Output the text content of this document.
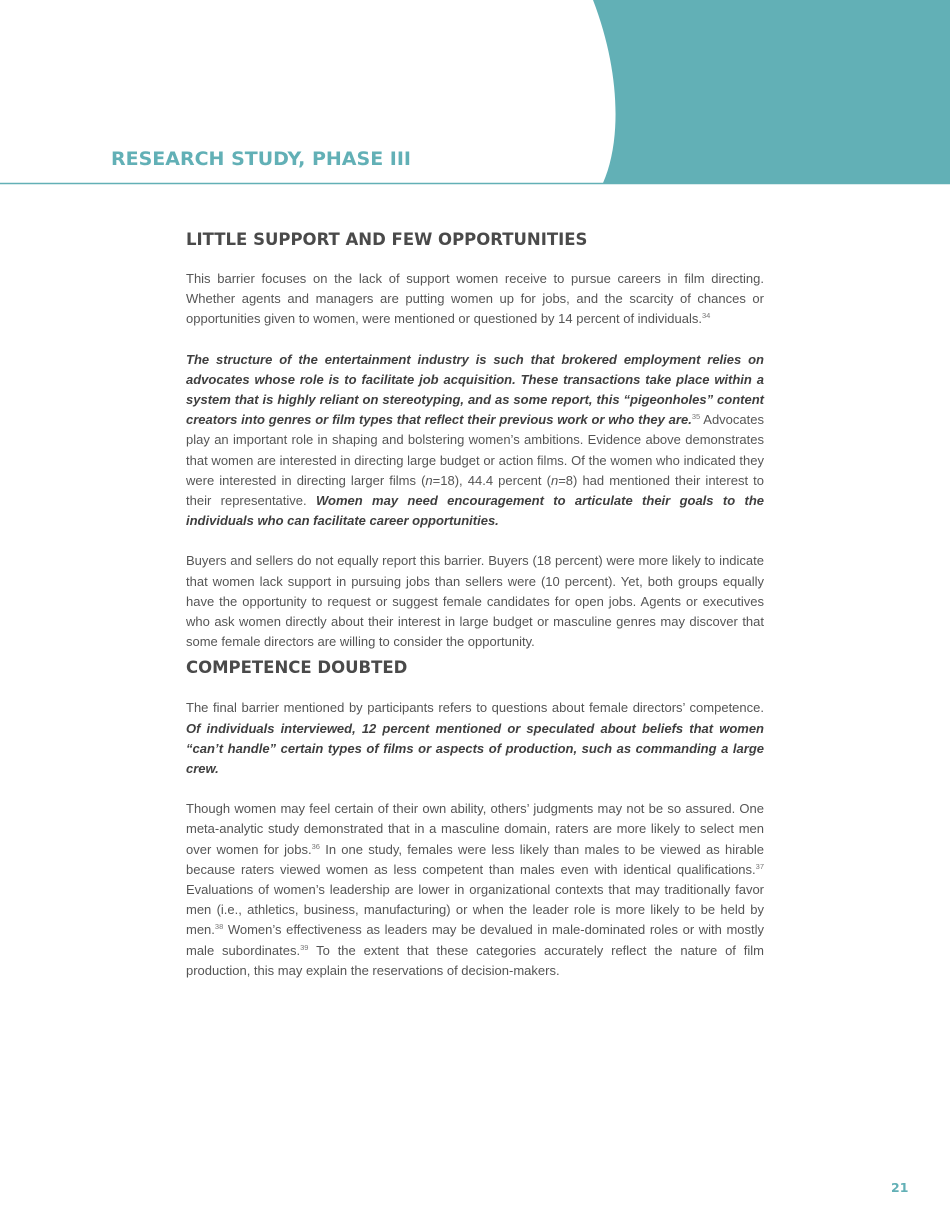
RESEARCH STUDY, PHASE III
LITTLE SUPPORT AND FEW OPPORTUNITIES

This barrier focuses on the lack of support women receive to pursue careers in film directing. Whether agents and managers are putting women up for jobs, and the scarcity of chances or opportunities given to women, were mentioned or questioned by 14 percent of individuals.$^{34}$

The structure of the entertainment industry is such that brokered employment relies on advocates whose role is to facilitate job acquisition. These transactions take place within a system that is highly reliant on stereotyping, and as some report, this “pigeonholes” content creators into genres or film types that reflect their previous work or who they are.$^{35}$ Advocates play an important role in shaping and bolstering women’s ambitions. Evidence above demonstrates that women are interested in directing large budget or action films. Of the women who indicated they were interested in directing larger films (n=18), 44.4 percent (n=8) had mentioned their interest to their representative. Women may need encouragement to articulate their goals to the individuals who can facilitate career opportunities.

Buyers and sellers do not equally report this barrier. Buyers (18 percent) were more likely to indicate that women lack support in pursuing jobs than sellers were (10 percent). Yet, both groups equally have the opportunity to request or suggest female candidates for open jobs. Agents or executives who ask women directly about their interest in large budget or masculine genres may discover that some female directors are willing to consider the opportunity.

COMPETENCE DOUBTED

The final barrier mentioned by participants refers to questions about female directors’ competence. Of individuals interviewed, 12 percent mentioned or speculated about beliefs that women “can’t handle” certain types of films or aspects of production, such as commanding a large crew.

Though women may feel certain of their own ability, others’ judgments may not be so assured. One meta-analytic study demonstrated that in a masculine domain, raters are more likely to select men over women for jobs.$^{36}$ In one study, females were less likely than males to be viewed as hirable because raters viewed women as less competent than males even with identical qualifications.$^{37}$ Evaluations of women’s leadership are lower in organizational contexts that may traditionally favor men (i.e., athletics, business, manufacturing) or when the leader role is more likely to be held by men.$^{38}$ Women’s effectiveness as leaders may be devalued in male-dominated roles or with mostly male subordinates.$^{39}$ To the extent that these categories accurately reflect the nature of film production, this may explain the reservations of decision-makers.

21
